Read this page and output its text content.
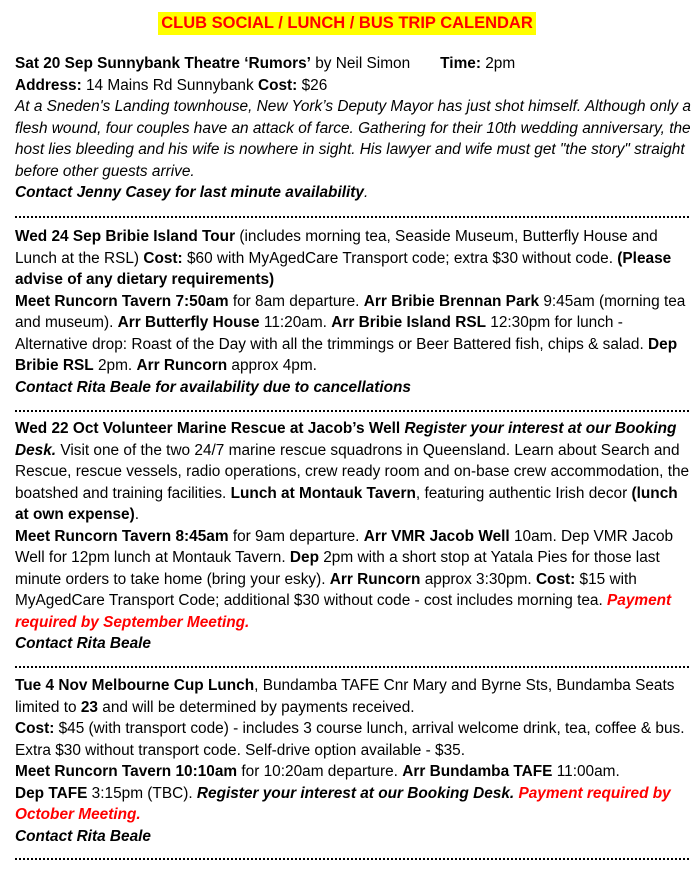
CLUB SOCIAL / LUNCH / BUS TRIP CALENDAR

Sat 20 Sep Sunnybank Theatre ‘Rumors’ by Neil Simon Time: 2pm

Address: 14 Mains Rd Sunnybank Cost: $26

At a Sneden's Landing townhouse, New York’s Deputy Mayor has just shot himself. Although only a flesh wound, four couples have an attack of farce. Gathering for their 10th wedding anniversary, the host lies bleeding and his wife is nowhere in sight. His lawyer and wife must get "the story" straight before other guests arrive.

Contact Jenny Casey for last minute availability.

Wed 24 Sep Bribie Island Tour (includes morning tea, Seaside Museum, Butterfly House and Lunch at the RSL) Cost: $60 with MyAgedCare Transport code; extra $30 without code. (Please advise of any dietary requirements)

Meet Runcorn Tavern 7:50am for 8am departure. Arr Bribie Brennan Park 9:45am (morning tea and museum). Arr Butterfly House 11:20am. Arr Bribie Island RSL 12:30pm for lunch - Alternative drop: Roast of the Day with all the trimmings or Beer Battered fish, chips & salad. Dep Bribie RSL 2pm. Arr Runcorn approx 4pm.

Contact Rita Beale for availability due to cancellations

Wed 22 Oct Volunteer Marine Rescue at Jacob’s Well Register your interest at our Booking Desk. Visit one of the two 24/7 marine rescue squadrons in Queensland. Learn about Search and Rescue, rescue vessels, radio operations, crew ready room and on-base crew accommodation, the boatshed and training facilities. Lunch at Montauk Tavern, featuring authentic Irish decor (lunch at own expense).

Meet Runcorn Tavern 8:45am for 9am departure. Arr VMR Jacob Well 10am. Dep VMR Jacob Well for 12pm lunch at Montauk Tavern. Dep 2pm with a short stop at Yatala Pies for those last minute orders to take home (bring your esky). Arr Runcorn approx 3:30pm. Cost: $15 with MyAgedCare Transport Code; additional $30 without code - cost includes morning tea. Payment required by September Meeting.

Contact Rita Beale

Tue 4 Nov Melbourne Cup Lunch, Bundamba TAFE Cnr Mary and Byrne Sts, Bundamba Seats limited to 23 and will be determined by payments received.

Cost: $45 (with transport code) - includes 3 course lunch, arrival welcome drink, tea, coffee & bus. Extra $30 without transport code. Self-drive option available - $35.

Meet Runcorn Tavern 10:10am for 10:20am departure. Arr Bundamba TAFE 11:00am.

Dep TAFE 3:15pm (TBC). Register your interest at our Booking Desk. Payment required by October Meeting.

Contact Rita Beale
